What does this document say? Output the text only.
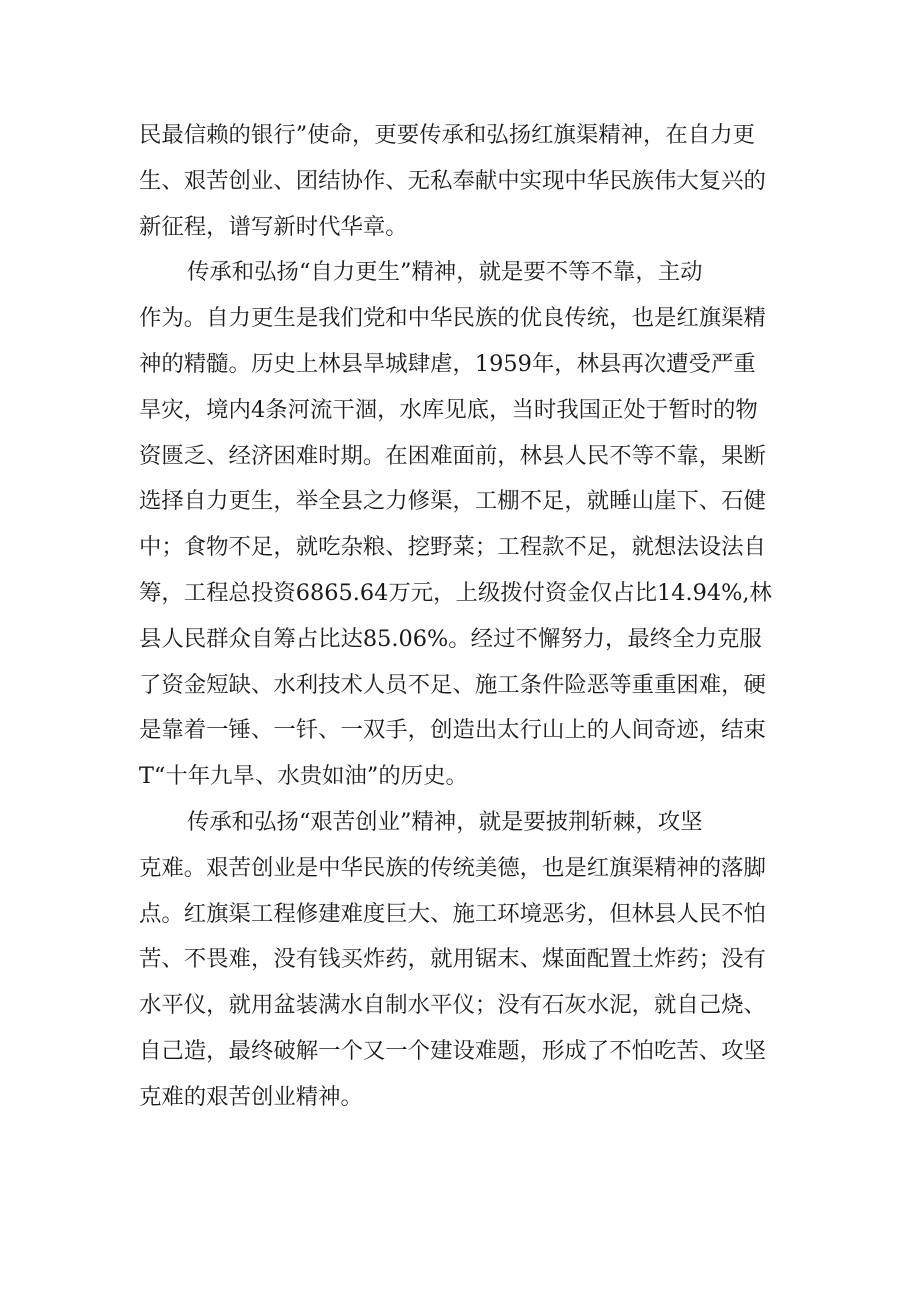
民最信赖的银行”使命，更要传承和弘扬红旗渠精神，在自力更
生、艰苦创业、团结协作、无私奉献中实现中华民族伟大复兴的
新征程，谱写新时代华章。
传承和弘扬“自力更生”精神，就是要不等不靠，主动
作为。自力更生是我们党和中华民族的优良传统，也是红旗渠精
神的精髓。历史上林县旱城肆虐，1959年，林县再次遭受严重
旱灾，境内4条河流干涸，水库见底，当时我国正处于暂时的物
资匮乏、经济困难时期。在困难面前，林县人民不等不靠，果断
选择自力更生，举全县之力修渠，工棚不足，就睡山崖下、石健
中；食物不足，就吃杂粮、挖野菜；工程款不足，就想法设法自
筹，工程总投资6865.64万元，上级拨付资金仅占比14.94%,林
县人民群众自筹占比达85.06%。经过不懈努力，最终全力克服
了资金短缺、水利技术人员不足、施工条件险恶等重重困难，硬
是靠着一锤、一钎、一双手，创造出太行山上的人间奇迹，结束
T“十年九旱、水贵如油”的历史。
传承和弘扬“艰苦创业”精神，就是要披荆斩棘，攻坚
克难。艰苦创业是中华民族的传统美德，也是红旗渠精神的落脚
点。红旗渠工程修建难度巨大、施工环境恶劣，但林县人民不怕
苦、不畏难，没有钱买炸药，就用锯末、煤面配置土炸药；没有
水平仪，就用盆装满水自制水平仪；没有石灰水泥，就自己烧、
自己造，最终破解一个又一个建设难题，形成了不怕吃苦、攻坚
克难的艰苦创业精神。
